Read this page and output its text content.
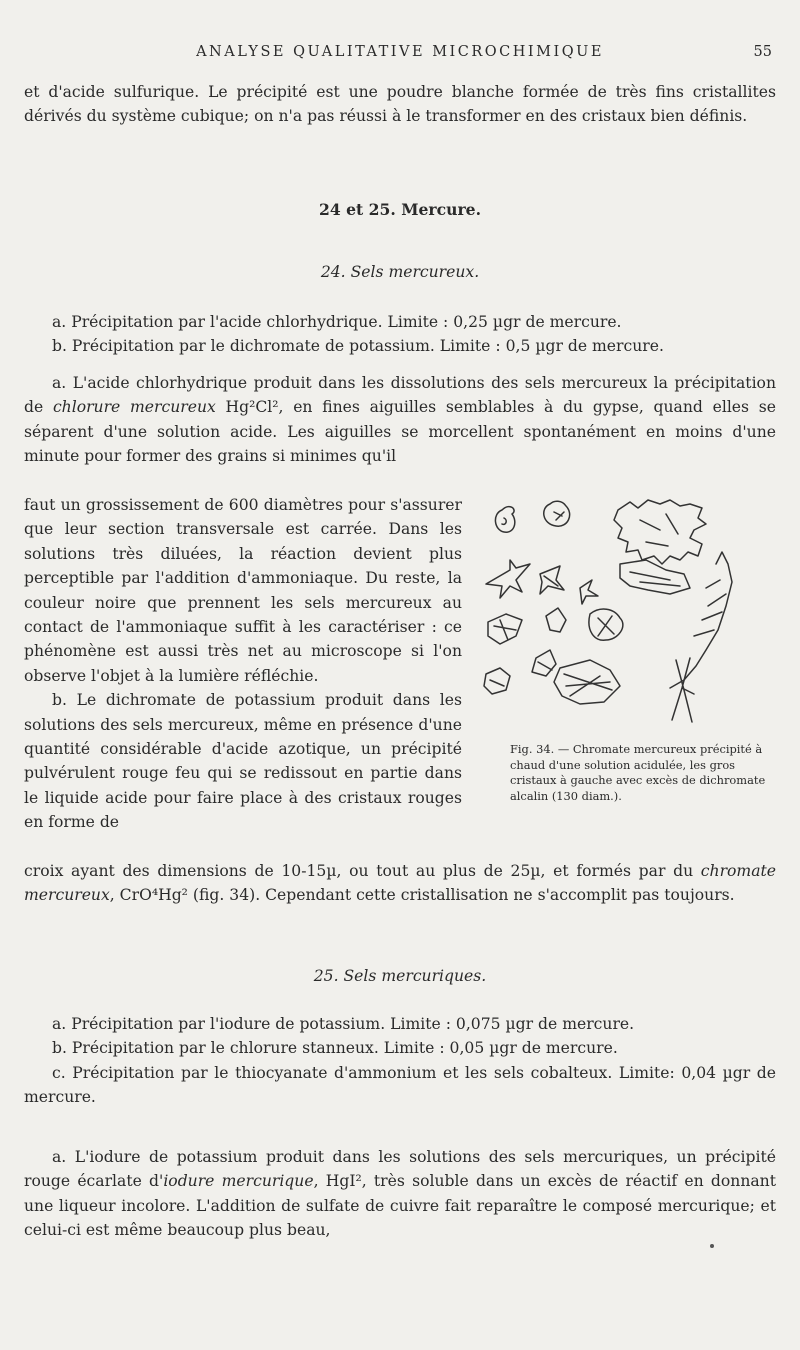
ANALYSE QUALITATIVE MICROCHIMIQUE	55

et d'acide sulfurique. Le précipité est une poudre blanche formée de très fins cristallites dérivés du système cubique; on n'a pas réussi à le transformer en des cristaux bien définis.

24 et 25. Mercure.
24. Sels mercureux.

a. Précipitation par l'acide chlorhydrique. Limite : 0,25 µgr de mercure.

b. Précipitation par le dichromate de potassium. Limite : 0,5 µgr de mercure.

a. L'acide chlorhydrique produit dans les dissolutions des sels mercureux la précipitation de chlorure mercureux Hg²Cl², en fines aiguilles semblables à du gypse, quand elles se séparent d'une solution acide. Les aiguilles se morcellent spontanément en moins d'une minute pour former des grains si minimes qu'il

faut un grossissement de 600 diamètres pour s'assurer que leur section transversale est carrée. Dans les solutions très diluées, la réaction devient plus perceptible par l'addition d'ammoniaque. Du reste, la couleur noire que prennent les sels mercureux au contact de l'ammoniaque suffit à les caractériser : ce phénomène est aussi très net au microscope si l'on observe l'objet à la lumière réfléchie.

b. Le dichromate de potassium produit dans les solutions des sels mercureux, même en présence d'une quantité considérable d'acide azotique, un précipité pulvérulent rouge feu qui se redissout en partie dans le liquide acide pour faire place à des cristaux rouges en forme de

Fig. 34. — Chromate mercureux précipité à chaud d'une solution acidulée, les gros cristaux à gauche avec excès de dichromate alcalin (130 diam.).

croix ayant des dimensions de 10-15µ, ou tout au plus de 25µ, et formés par du chromate mercureux, CrO⁴Hg² (fig. 34). Cependant cette cristallisation ne s'accomplit pas toujours.

25. Sels mercuriques.

a. Précipitation par l'iodure de potassium. Limite : 0,075 µgr de mercure.

b. Précipitation par le chlorure stanneux. Limite : 0,05 µgr de mercure.

c. Précipitation par le thiocyanate d'ammonium et les sels cobalteux. Limite: 0,04 µgr de mercure.

a. L'iodure de potassium produit dans les solutions des sels mercuriques, un précipité rouge écarlate d'iodure mercurique, HgI², très soluble dans un excès de réactif en donnant une liqueur incolore. L'addition de sulfate de cuivre fait reparaître le composé mercurique; et celui-ci est même beaucoup plus beau,
